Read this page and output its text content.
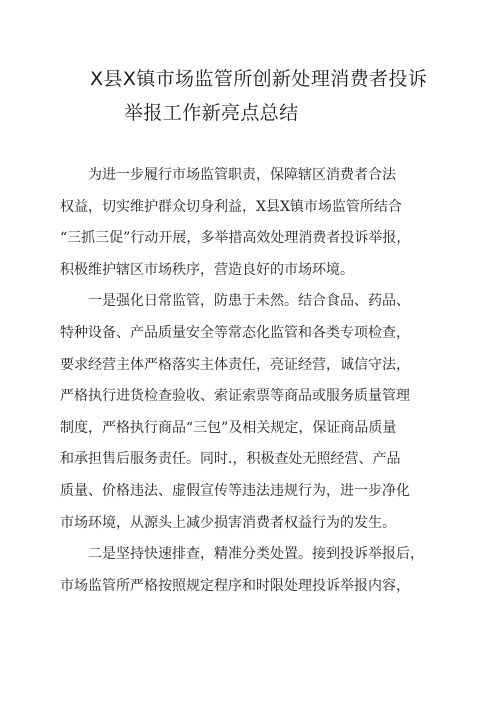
X县X镇市场监管所创新处理消费者投诉
举报工作新亮点总结

为进一步履行市场监管职责，保障辖区消费者合法
权益，切实维护群众切身利益，X县X镇市场监管所结合
“三抓三促”行动开展，多举措高效处理消费者投诉举报，
积极维护辖区市场秩序，营造良好的市场环境。

一是强化日常监管，防患于未然。结合食品、药品、
特种设备、产品质量安全等常态化监管和各类专项检查，
要求经营主体严格落实主体责任，亮证经营，诚信守法，
严格执行进货检查验收、索证索票等商品或服务质量管理
制度，严格执行商品“三包”及相关规定，保证商品质量
和承担售后服务责任。同时.，积极查处无照经营、产品
质量、价格违法、虚假宣传等违法违规行为，进一步净化
市场环境，从源头上减少损害消费者权益行为的发生。

二是坚持快速排查，精准分类处置。接到投诉举报后，
市场监管所严格按照规定程序和时限处理投诉举报内容，
